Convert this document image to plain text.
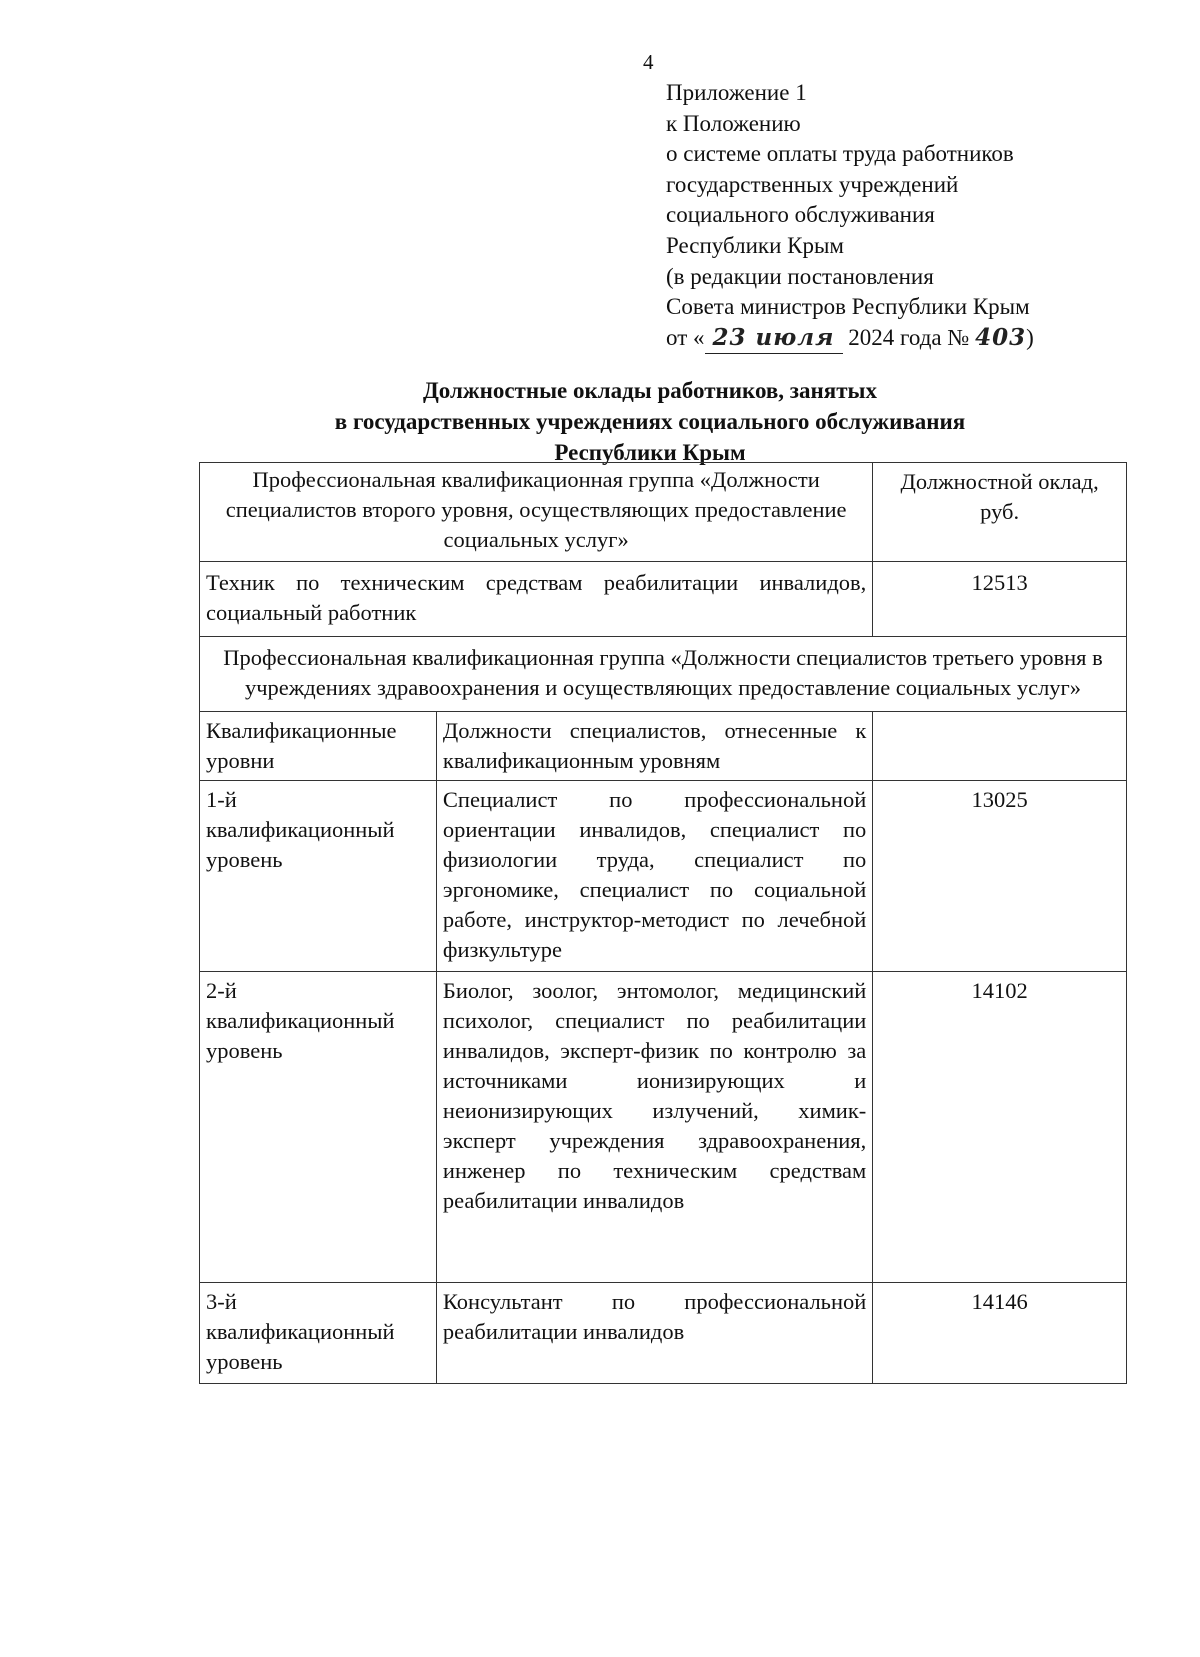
4
Приложение 1
к Положению
о системе оплаты труда работников
государственных учреждений
социального обслуживания
Республики Крым
(в редакции постановления
Совета министров Республики Крым
от « 23 июля 2024 года № 403)
Должностные оклады работников, занятых
в государственных учреждениях социального обслуживания
Республики Крым
Профессиональная квалификационная группа «Должности специалистов второго уровня, осуществляющих предоставление социальных услуг»		Должностной оклад, руб.
Техник по техническим средствам реабилитации инвалидов, социальный работник		12513
Профессиональная квалификационная группа «Должности специалистов третьего уровня в учреждениях здравоохранения и осуществляющих предоставление социальных услуг»		
Квалификационные уровни	Должности специалистов, отнесенные к квалификационным уровням	
1-й квалификационный уровень	Специалист по профессиональной ориентации инвалидов, специалист по физиологии труда, специалист по эргономике, специалист по социальной работе, инструктор-методист по лечебной физкультуре	13025
2-й квалификационный уровень	Биолог, зоолог, энтомолог, медицинский психолог, специалист по реабилитации инвалидов, эксперт-физик по контролю за источниками ионизирующих и неионизирующих излучений, химик-эксперт учреждения здравоохранения, инженер по техническим средствам реабилитации инвалидов	14102
3-й квалификационный уровень	Консультант по профессиональной реабилитации инвалидов	14146
